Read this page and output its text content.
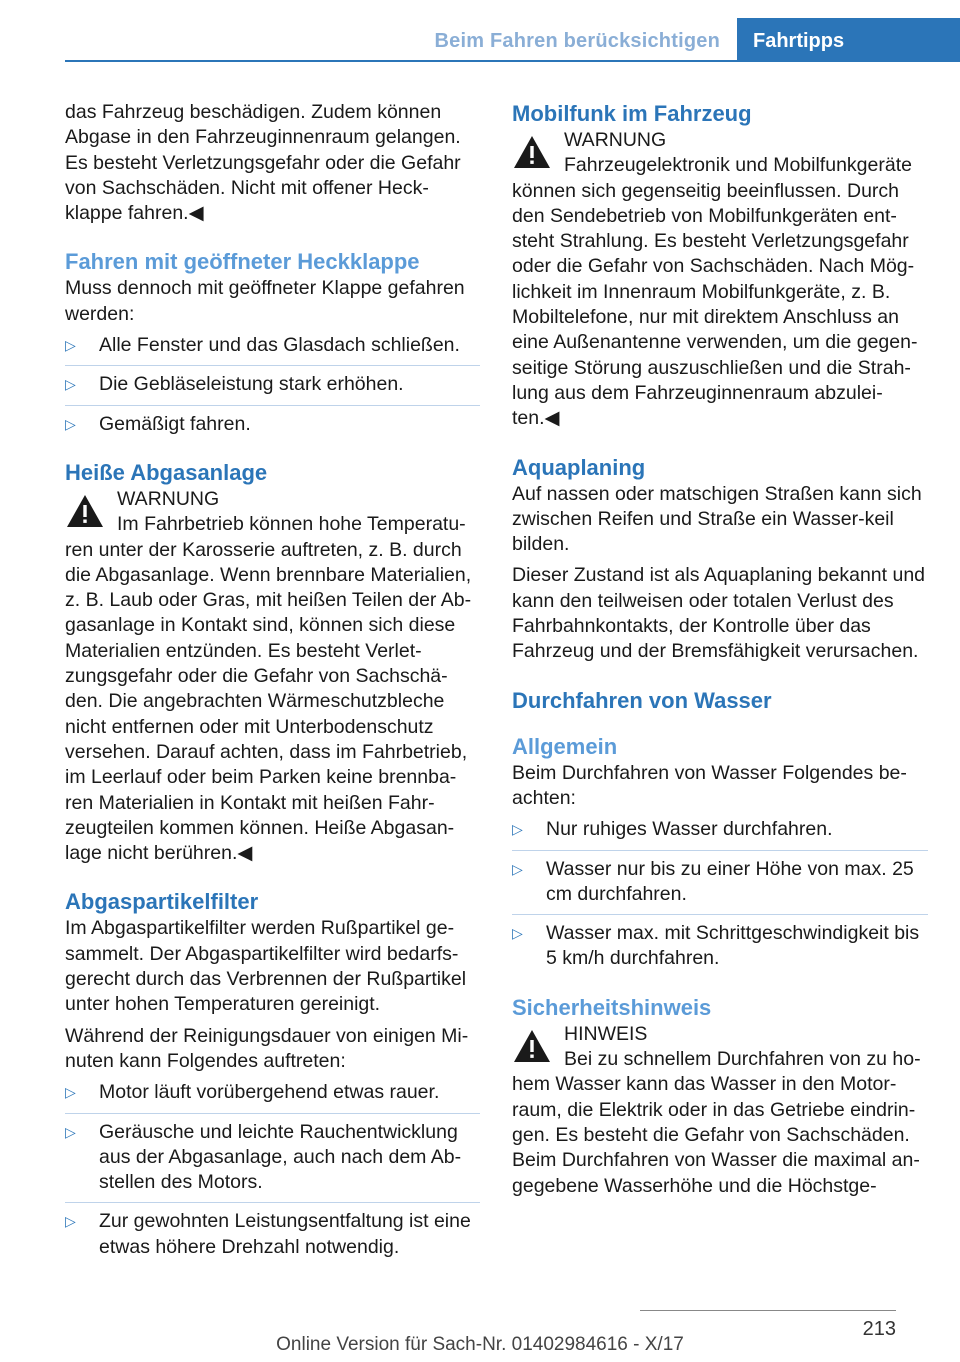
Beim Fahren berücksichtigen	Fahrtipps

das Fahrzeug beschädigen. Zudem können Abgase in den Fahrzeuginnenraum gelangen. Es besteht Verletzungsgefahr oder die Gefahr von Sachschäden. Nicht mit offener Heck-klappe fahren.◀

Fahren mit geöffneter Heckklappe

Muss dennoch mit geöffneter Klappe gefahren werden:

▷	Alle Fenster und das Glasdach schließen.
▷	Die Gebläseleistung stark erhöhen.
▷	Gemäßigt fahren.
Heiße Abgasanlage
WARNUNG

Im Fahrbetrieb können hohe Temperatu-ren unter der Karosserie auftreten, z. B. durch die Abgasanlage. Wenn brennbare Materialien, z. B. Laub oder Gras, mit heißen Teilen der Ab-gasanlage in Kontakt sind, können sich diese Materialien entzünden. Es besteht Verlet-zungsgefahr oder die Gefahr von Sachschä-den. Die angebrachten Wärmeschutzbleche nicht entfernen oder mit Unterbodenschutz versehen. Darauf achten, dass im Fahrbetrieb, im Leerlauf oder beim Parken keine brennba-ren Materialien in Kontakt mit heißen Fahr-zeugteilen kommen können. Heiße Abgasan-lage nicht berühren.◀

Abgaspartikelfilter

Im Abgaspartikelfilter werden Rußpartikel ge-sammelt. Der Abgaspartikelfilter wird bedarfs-gerecht durch das Verbrennen der Rußpartikel unter hohen Temperaturen gereinigt.

Während der Reinigungsdauer von einigen Mi-nuten kann Folgendes auftreten:

▷	Motor läuft vorübergehend etwas rauer.
▷	Geräusche und leichte Rauchentwicklung aus der Abgasanlage, auch nach dem Ab-stellen des Motors.
▷	Zur gewohnten Leistungsentfaltung ist eine etwas höhere Drehzahl notwendig.
Mobilfunk im Fahrzeug
WARNUNG

Fahrzeugelektronik und Mobilfunkgeräte können sich gegenseitig beeinflussen. Durch den Sendebetrieb von Mobilfunkgeräten ent-steht Strahlung. Es besteht Verletzungsgefahr oder die Gefahr von Sachschäden. Nach Mög-lichkeit im Innenraum Mobilfunkgeräte, z. B. Mobiltelefone, nur mit direktem Anschluss an eine Außenantenne verwenden, um die gegen-seitige Störung auszuschließen und die Strah-lung aus dem Fahrzeuginnenraum abzulei-ten.◀

Aquaplaning

Auf nassen oder matschigen Straßen kann sich zwischen Reifen und Straße ein Wasser-keil bilden.

Dieser Zustand ist als Aquaplaning bekannt und kann den teilweisen oder totalen Verlust des Fahrbahnkontakts, der Kontrolle über das Fahrzeug und der Bremsfähigkeit verursachen.

Durchfahren von Wasser
Allgemein

Beim Durchfahren von Wasser Folgendes be-achten:

▷	Nur ruhiges Wasser durchfahren.
▷	Wasser nur bis zu einer Höhe von max. 25 cm durchfahren.
▷	Wasser max. mit Schrittgeschwindigkeit bis 5 km/h durchfahren.
Sicherheitshinweis
HINWEIS

Bei zu schnellem Durchfahren von zu ho-hem Wasser kann das Wasser in den Motor-raum, die Elektrik oder in das Getriebe eindrin-gen. Es besteht die Gefahr von Sachschäden. Beim Durchfahren von Wasser die maximal an-gegebene Wasserhöhe und die Höchstge-

213
Online Version für Sach-Nr. 01402984616 - X/17
